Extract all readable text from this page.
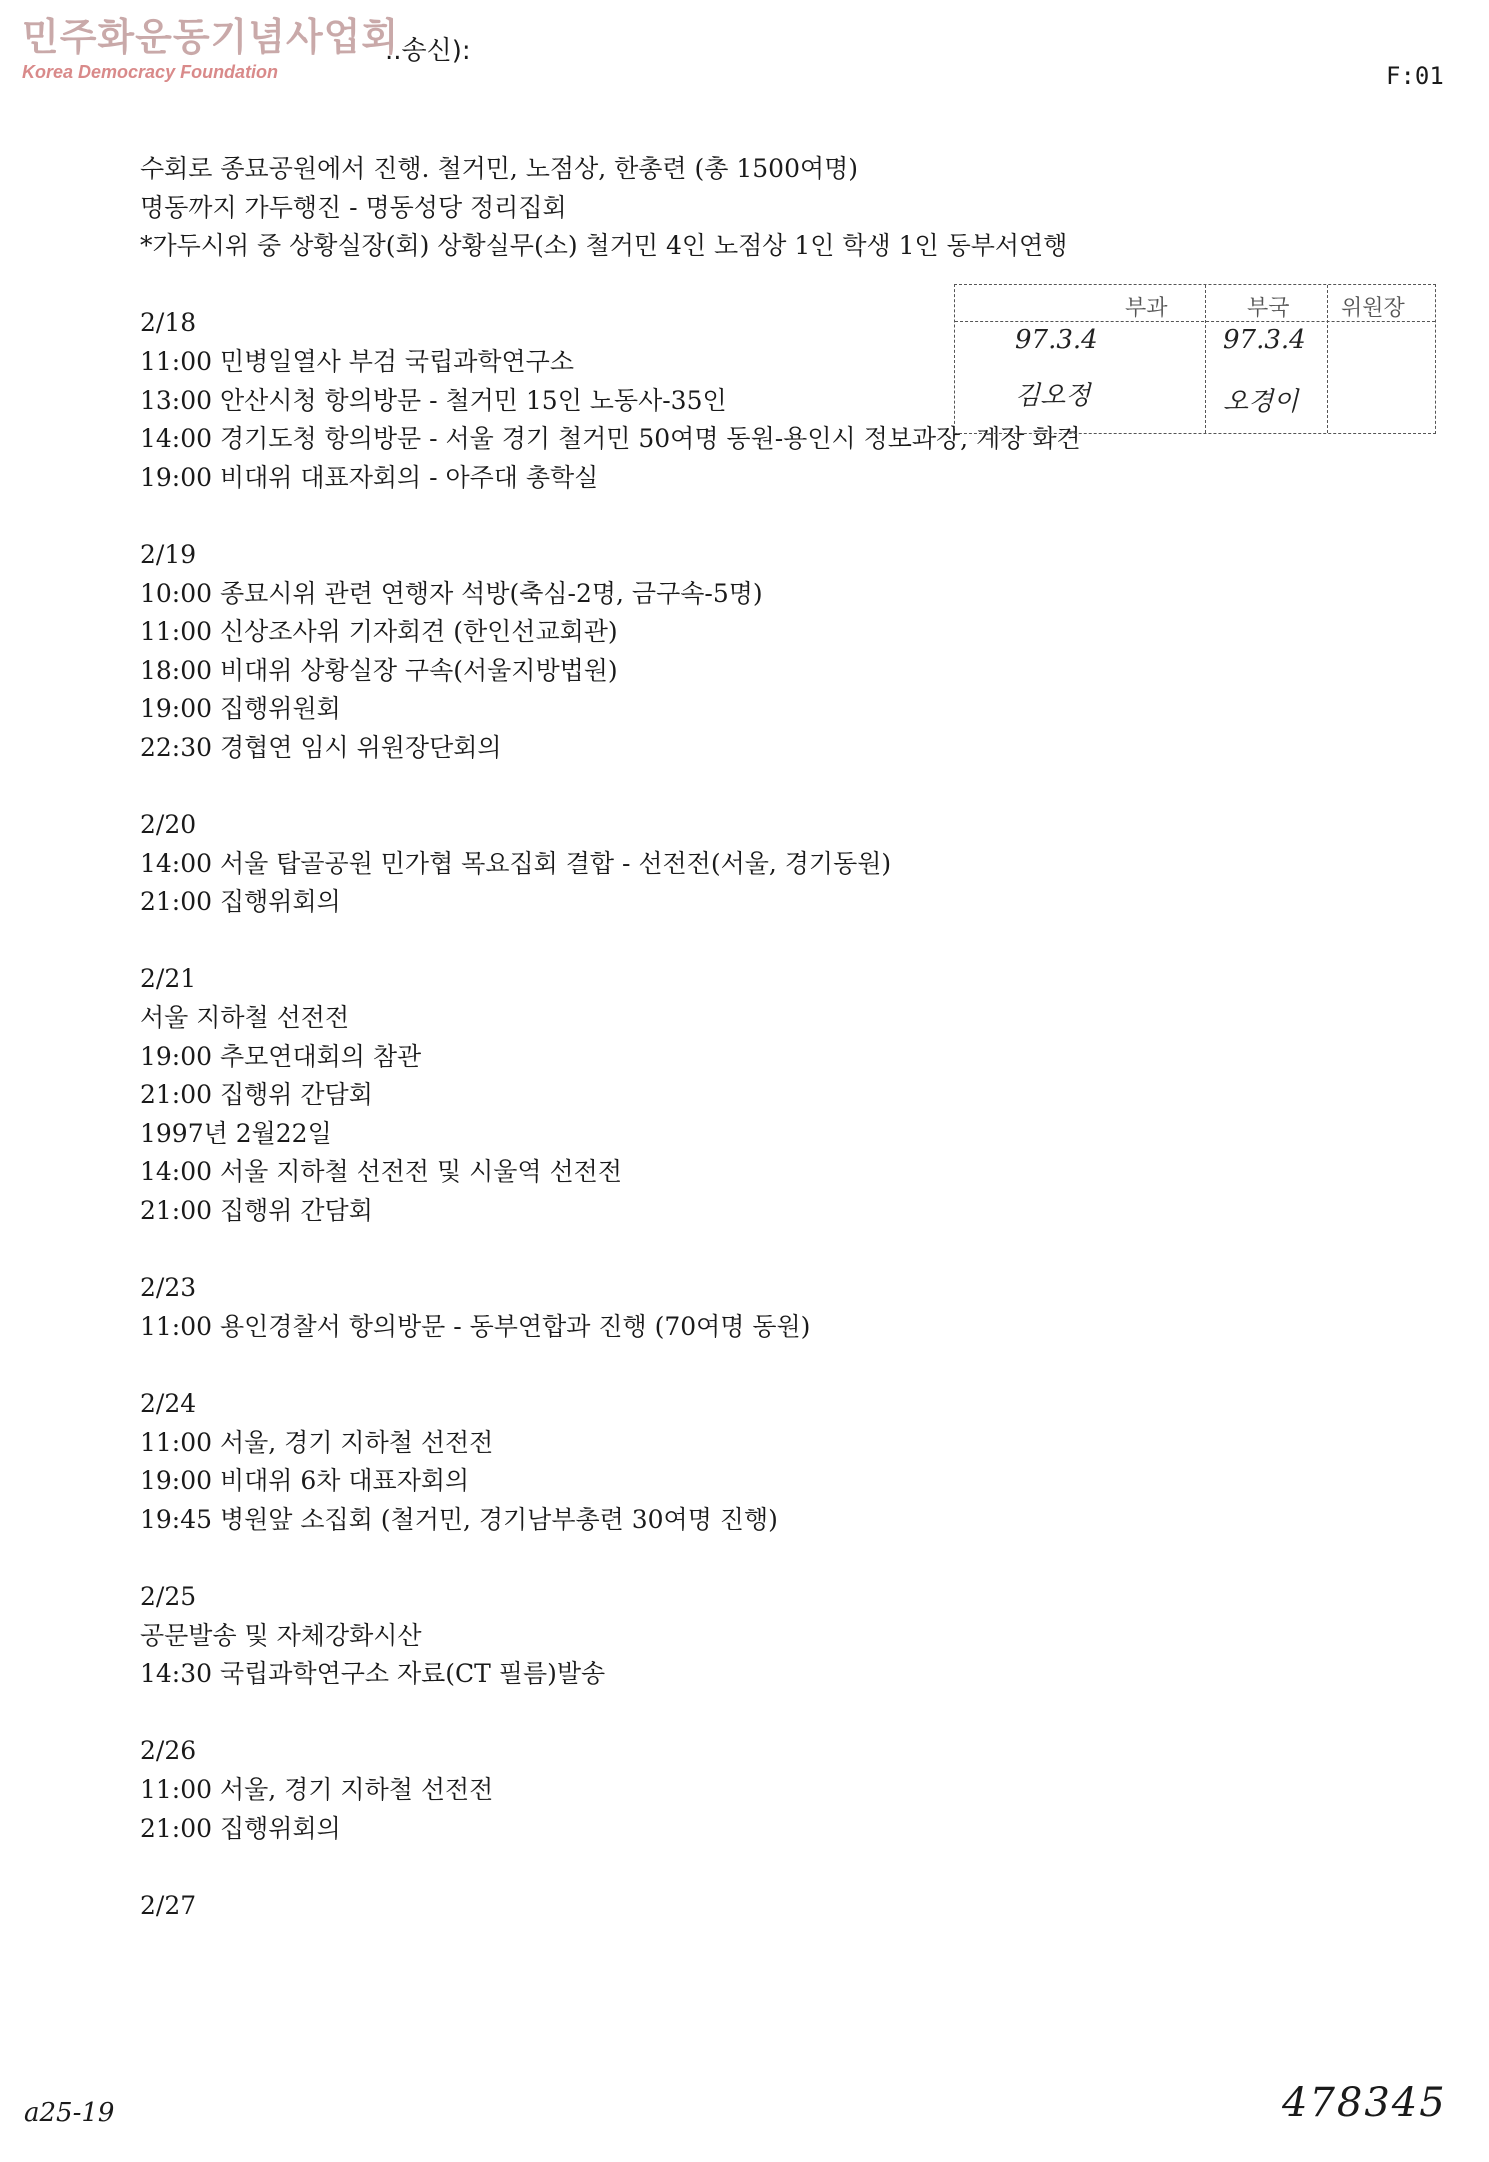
민주화운동기념사업회
Korea Democracy Foundation
..송신):
F:01
수회로 종묘공원에서 진행. 철거민, 노점상, 한총련 (총 1500여명)
명동까지 가두행진 - 명동성당 정리집회
*가두시위 중 상황실장(회) 상황실무(소) 철거민 4인 노점상 1인 학생 1인 동부서연행
2/18
11:00 민병일열사 부검 국립과학연구소
13:00 안산시청 항의방문 - 철거민 15인 노동사-35인
14:00 경기도청 항의방문 - 서울 경기 철거민 50여명 동원-용인시 정보과장, 계장 화견
19:00 비대위 대표자회의 - 아주대 총학실
2/19
10:00 종묘시위 관련 연행자 석방(축심-2명, 금구속-5명)
11:00 신상조사위 기자회견 (한인선교회관)
18:00 비대위 상황실장 구속(서울지방법원)
19:00 집행위원회
22:30 경협연 임시 위원장단회의
2/20
14:00 서울 탑골공원 민가협 목요집회 결합 - 선전전(서울, 경기동원)
21:00 집행위회의
2/21
서울 지하철 선전전
19:00 추모연대회의 참관
21:00 집행위 간담회
1997년 2월22일
14:00 서울 지하철 선전전 및 시울역 선전전
21:00 집행위 간담회
2/23
11:00 용인경찰서 항의방문 - 동부연합과 진행 (70여명 동원)
2/24
11:00 서울, 경기 지하철 선전전
19:00 비대위 6차 대표자회의
19:45 병원앞 소집회 (철거민, 경기남부총련 30여명 진행)
2/25
공문발송 및 자체강화시산
14:30 국립과학연구소 자료(CT 필름)발송
2/26
11:00 서울, 경기 지하철 선전전
21:00 집행위회의
2/27
부과	부국 위원장
97.3.4
김오정
97.3.4
오경이
a25-19	478345
